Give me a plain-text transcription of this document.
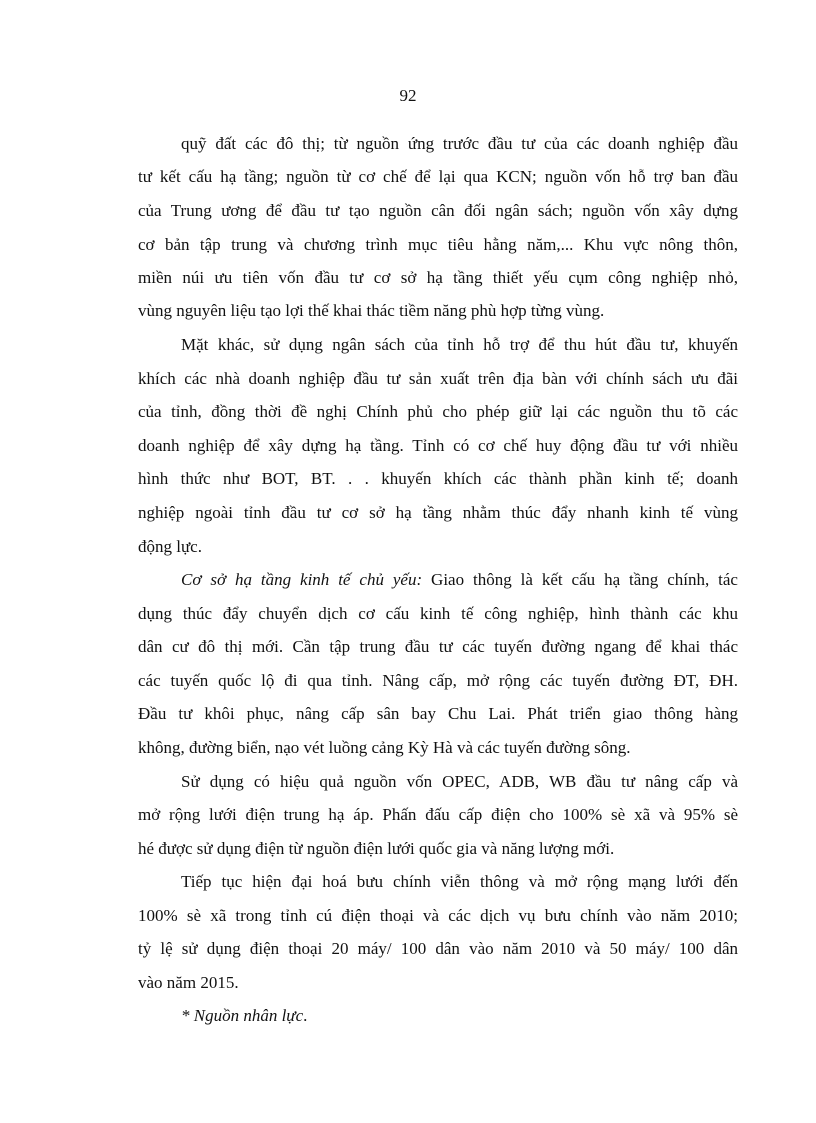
92
quỹ đất các đô thị; từ nguồn ứng trước đầu tư của các doanh nghiệp đầu
tư kết cấu hạ tầng; nguồn từ cơ chế để lại qua KCN; nguồn vốn hỗ trợ ban đầu
của Trung ương để đầu tư tạo nguồn cân đối ngân sách; nguồn vốn xây dựng
cơ bản tập trung và chương trình mục tiêu hằng năm,... Khu vực nông thôn,
miền núi ưu tiên vốn đầu tư cơ sở hạ tầng thiết yếu cụm công nghiệp nhỏ,
vùng nguyên liệu tạo lợi thế khai thác tiềm năng phù hợp từng vùng.
Mặt khác, sử dụng ngân sách của tỉnh hỗ trợ để thu hút đầu tư, khuyến
khích các nhà doanh nghiệp đầu tư sản xuất trên địa bàn với chính sách ưu đãi
của tỉnh, đồng thời đề nghị Chính phủ cho phép giữ lại các nguồn thu tõ các
doanh nghiệp để xây dựng hạ tầng. Tỉnh có cơ chế huy động đầu tư với nhiều
hình thức như BOT, BT. . . khuyến khích các thành phần kinh tế; doanh
nghiệp ngoài tỉnh đầu tư cơ sở hạ tầng nhằm thúc đẩy nhanh kinh tế vùng
động lực.
Cơ sở hạ tầng kinh tế chủ yếu: Giao thông là kết cấu hạ tầng chính, tác
dụng thúc đẩy chuyển dịch cơ cấu kinh tế công nghiệp, hình thành các khu
dân cư đô thị mới. Cần tập trung đầu tư các tuyến đường ngang để khai thác
các tuyến quốc lộ đi qua tỉnh. Nâng cấp, mở rộng các tuyến đường ĐT, ĐH.
Đầu tư khôi phục, nâng cấp sân bay Chu Lai. Phát triển giao thông hàng
không, đường biển, nạo vét luồng cảng Kỳ Hà và các tuyến đường sông.
Sử dụng có hiệu quả nguồn vốn OPEC, ADB, WB đầu tư nâng cấp và
mở rộng lưới điện trung hạ áp. Phấn đấu cấp điện cho 100% sè xã và 95% sè
hé được sử dụng điện từ nguồn điện lưới quốc gia và năng lượng mới.
Tiếp tục hiện đại hoá bưu chính viễn thông và mở rộng mạng lưới đến
100% sè xã trong tỉnh cú điện thoại và các dịch vụ bưu chính vào năm 2010;
tỷ lệ sử dụng điện thoại 20 máy/ 100 dân vào năm 2010 và 50 máy/ 100 dân
vào năm 2015.
* Nguồn nhân lực.
